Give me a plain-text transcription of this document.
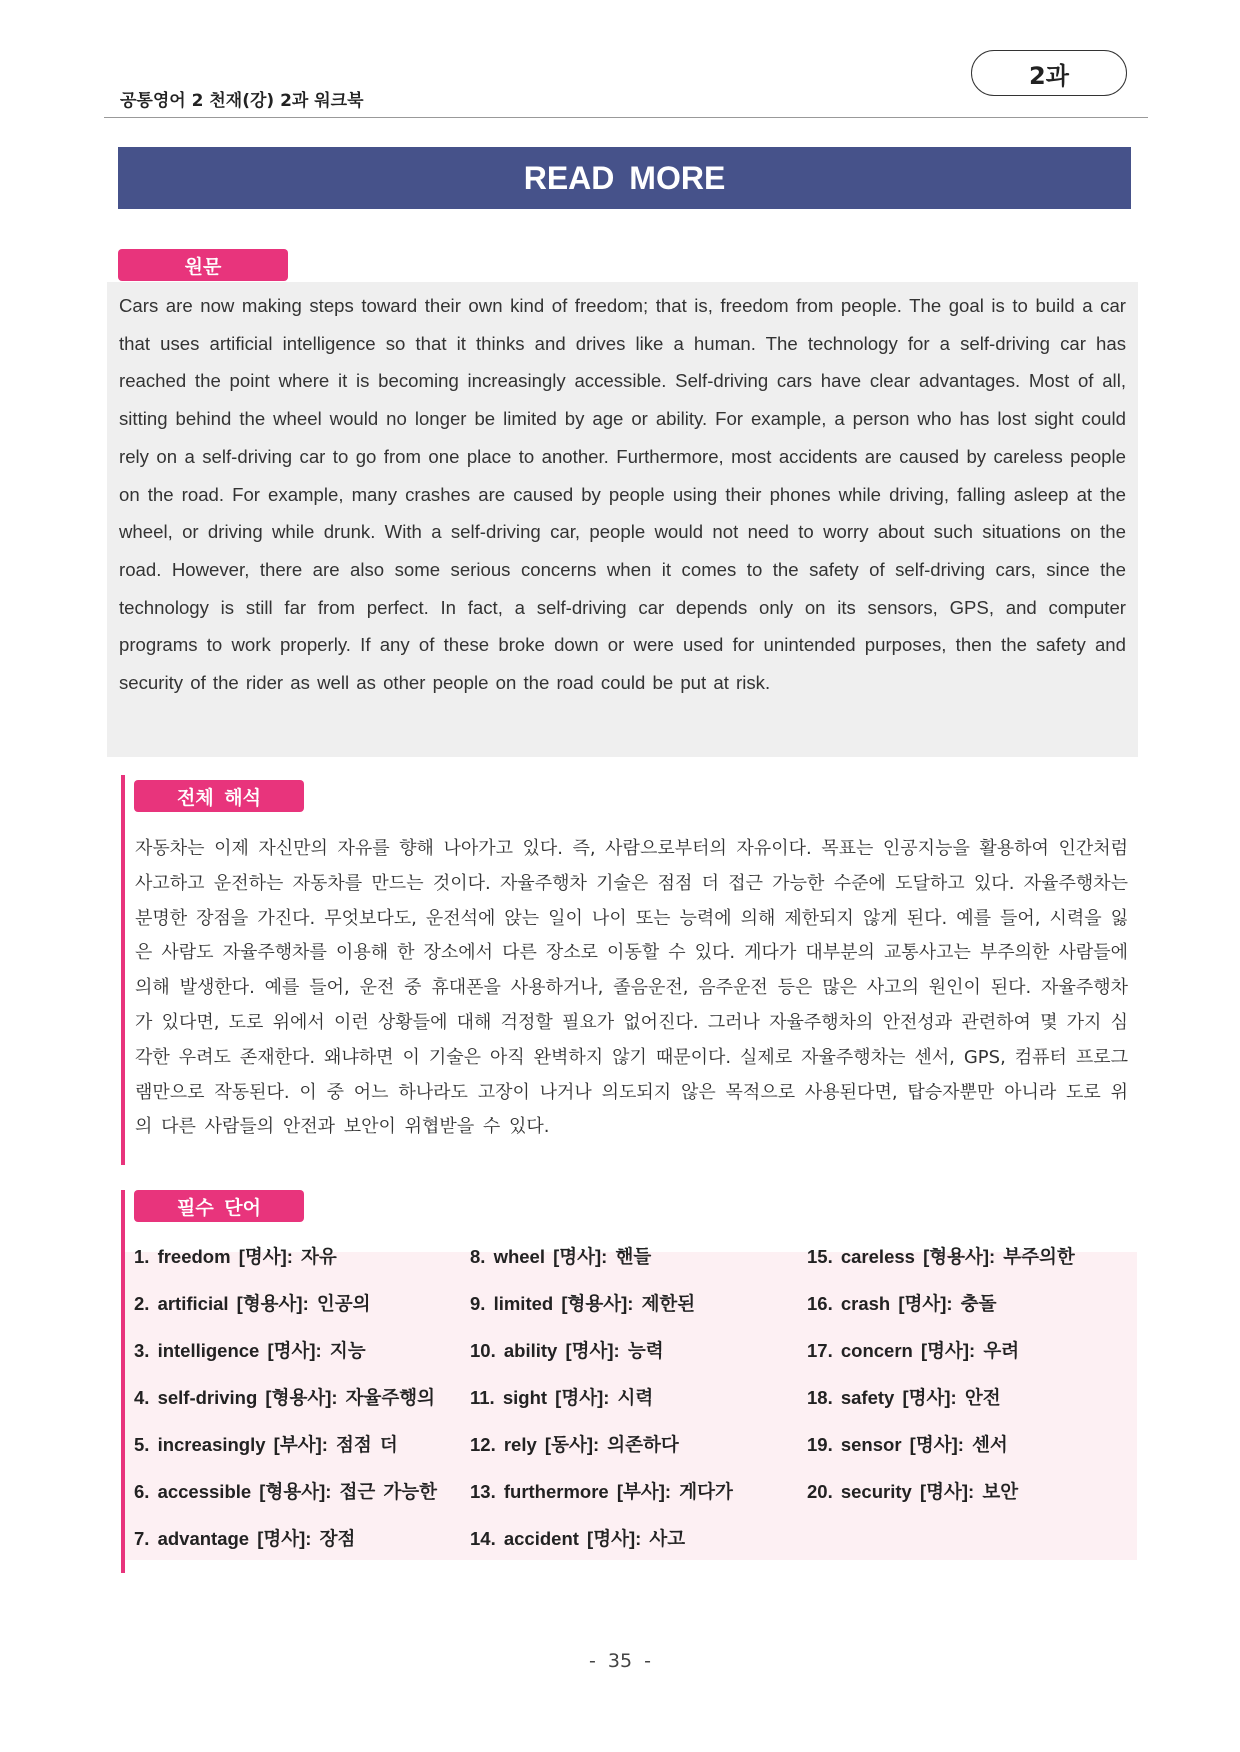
공통영어 2 천재(강) 2과 워크북
2과
READ MORE
원문

Cars are now making steps toward their own kind of freedom; that is, freedom from people. The goal is to build a car that uses artificial intelligence so that it thinks and drives like a human. The technology for a self-driving car has reached the point where it is becoming increasingly accessible. Self-driving cars have clear advantages. Most of all, sitting behind the wheel would no longer be limited by age or ability. For example, a person who has lost sight could rely on a self-driving car to go from one place to another. Furthermore, most accidents are caused by careless people on the road. For example, many crashes are caused by people using their phones while driving, falling asleep at the wheel, or driving while drunk. With a self-driving car, people would not need to worry about such situations on the road. However, there are also some serious concerns when it comes to the safety of self-driving cars, since the technology is still far from perfect. In fact, a self-driving car depends only on its sensors, GPS, and computer programs to work properly. If any of these broke down or were used for unintended purposes, then the safety and security of the rider as well as other people on the road could be put at risk.

전체 해석

자동차는 이제 자신만의 자유를 향해 나아가고 있다. 즉, 사람으로부터의 자유이다. 목표는 인공지능을 활용하여 인간처럼 사고하고 운전하는 자동차를 만드는 것이다. 자율주행차 기술은 점점 더 접근 가능한 수준에 도달하고 있다. 자율주행차는 분명한 장점을 가진다. 무엇보다도, 운전석에 앉는 일이 나이 또는 능력에 의해 제한되지 않게 된다. 예를 들어, 시력을 잃은 사람도 자율주행차를 이용해 한 장소에서 다른 장소로 이동할 수 있다. 게다가 대부분의 교통사고는 부주의한 사람들에 의해 발생한다. 예를 들어, 운전 중 휴대폰을 사용하거나, 졸음운전, 음주운전 등은 많은 사고의 원인이 된다. 자율주행차가 있다면, 도로 위에서 이런 상황들에 대해 걱정할 필요가 없어진다. 그러나 자율주행차의 안전성과 관련하여 몇 가지 심각한 우려도 존재한다. 왜냐하면 이 기술은 아직 완벽하지 않기 때문이다. 실제로 자율주행차는 센서, GPS, 컴퓨터 프로그램만으로 작동된다. 이 중 어느 하나라도 고장이 나거나 의도되지 않은 목적으로 사용된다면, 탑승자뿐만 아니라 도로 위의 다른 사람들의 안전과 보안이 위협받을 수 있다.

필수 단어
1. freedom [명사]: 자유
2. artificial [형용사]: 인공의
3. intelligence [명사]: 지능
4. self-driving [형용사]: 자율주행의
5. increasingly [부사]: 점점 더
6. accessible [형용사]: 접근 가능한
7. advantage [명사]: 장점
8. wheel [명사]: 핸들
9. limited [형용사]: 제한된
10. ability [명사]: 능력
11. sight [명사]: 시력
12. rely [동사]: 의존하다
13. furthermore [부사]: 게다가
14. accident [명사]: 사고
15. careless [형용사]: 부주의한
16. crash [명사]: 충돌
17. concern [명사]: 우려
18. safety [명사]: 안전
19. sensor [명사]: 센서
20. security [명사]: 보안
- 35 -
